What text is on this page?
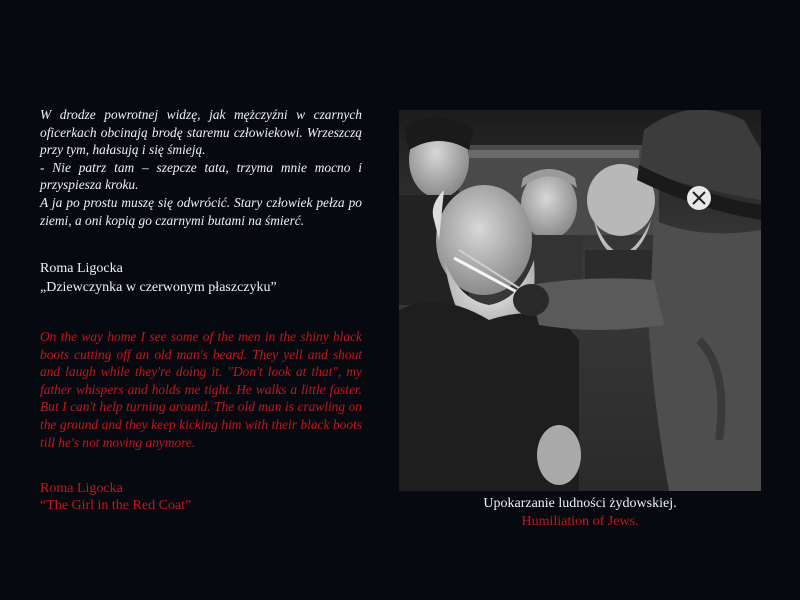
W drodze powrotnej widzę, jak mężczyźni w czarnych oficerkach obcinają brodę staremu człowiekowi. Wrzeszczą przy tym, hałasują i się śmieją.
- Nie patrz tam – szepcze tata, trzyma mnie mocno i przyspiesza kroku.
A ja po prostu muszę się odwrócić. Stary człowiek pełza po ziemi, a oni kopią go czarnymi butami na śmierć.
Roma Ligocka
„Dziewczynka w czerwonym płaszczyku”

On the way home I see some of the men in the shiny black boots cutting off an old man's beard. They yell and shout and laugh while they're doing it. "Don't look at that", my father whispers and holds me tight. He walks a little faster. But I can't help turning around. The old man is crawling on the ground and they keep kicking him with their black boots till he's not moving anymore.

Roma Ligocka
“The Girl in the Red Coat”	Upokarzanie ludności żydowskiej.
Humiliation of Jews.
